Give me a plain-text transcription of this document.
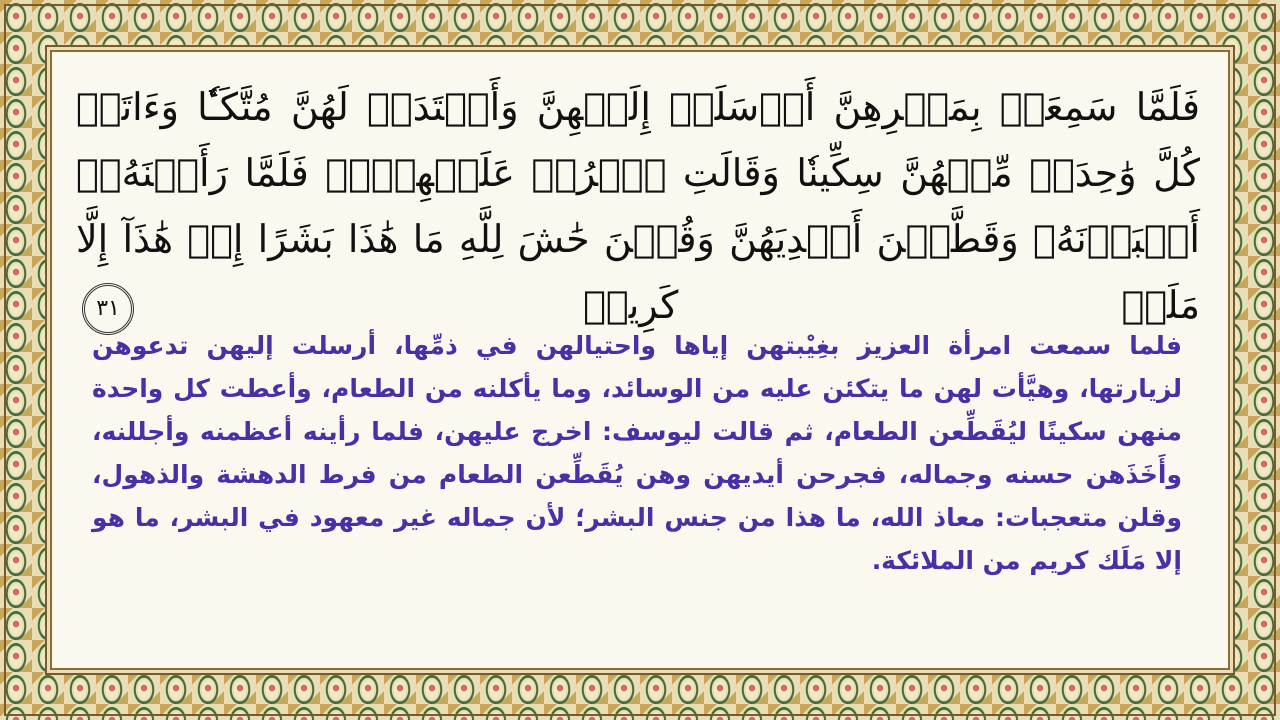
فَلَمَّا سَمِعَتۡ بِمَكۡرِهِنَّ أَرۡسَلَتۡ إِلَيۡهِنَّ وَأَعۡتَدَتۡ لَهُنَّ مُتَّكَـٔٗا وَءَاتَتۡ كُلَّ وَٰحِدَةٖ مِّنۡهُنَّ سِكِّينٗا وَقَالَتِ ٱخۡرُجۡ عَلَيۡهِنَّۖ فَلَمَّا رَأَيۡنَهُۥٓ أَكۡبَرۡنَهُۥ وَقَطَّعۡنَ أَيۡدِيَهُنَّ وَقُلۡنَ حَٰشَ لِلَّهِ مَا هَٰذَا بَشَرًا إِنۡ هَٰذَآ إِلَّا مَلَكٞ كَرِيمٞ ٣١
فلما سمعت امرأة العزيز بغِيْبتهن إياها واحتيالهن في ذمِّها، أرسلت إليهن تدعوهن لزيارتها، وهيَّأت لهن ما يتكئن عليه من الوسائد، وما يأكلنه من الطعام، وأعطت كل واحدة منهن سكينًا ليُقَطِّعن الطعام، ثم قالت ليوسف: اخرج عليهن، فلما رأينه أعظمنه وأجللنه، وأَخَذَهن حسنه وجماله، فجرحن أيديهن وهن يُقَطِّعن الطعام من فرط الدهشة والذهول، وقلن متعجبات: معاذ الله، ما هذا من جنس البشر؛ لأن جماله غير معهود في البشر، ما هو إلا مَلَك كريم من الملائكة.
